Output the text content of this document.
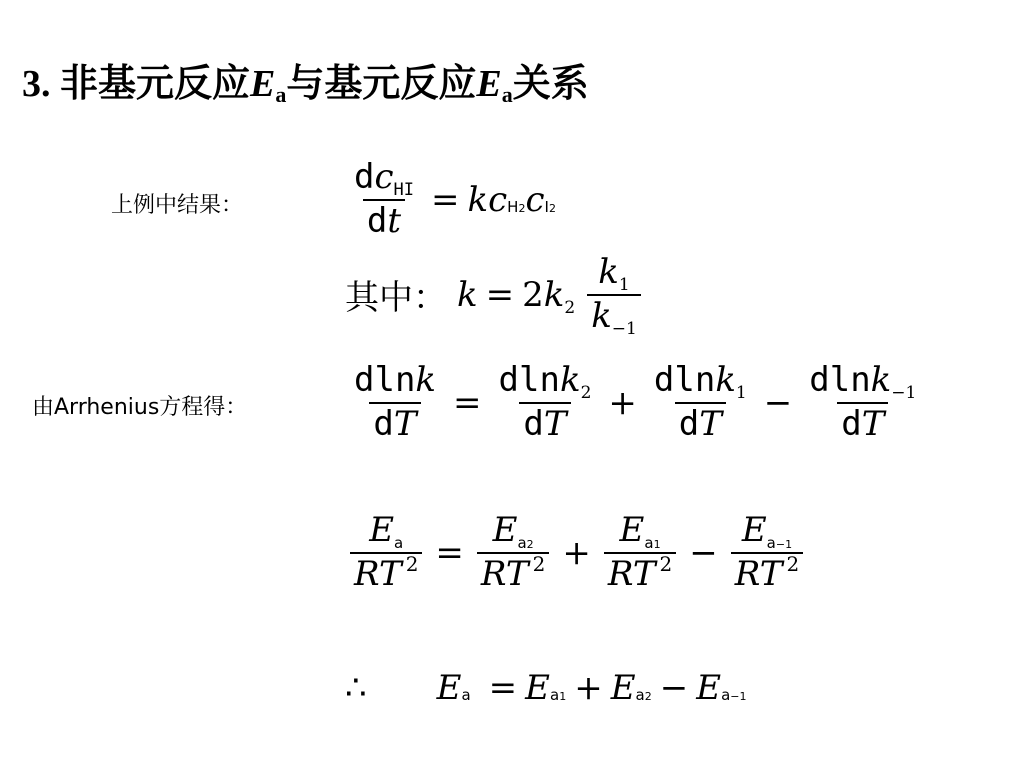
3. 非基元反应$E_a$与基元反应$E_a$关系
上例中结果：
由Arrhenius方程得：
$\frac{dc_{HI}}{dt} = k$ c H2 c I2
其中： $k = 2k_2 \frac{k_1}{k_{-1}}$
$\frac{dlnk}{dT} = \frac{dlnk_2}{dT} + \frac{dlnk_1}{dT} - \frac{dlnk_{-1}}{dT}$
$\frac{E_a}{RT ^2} = \frac{E_{a2}}{RT ^2} + \frac{E_{a1}}{RT ^2} - \frac{E_{a-1}}{RT ^2}$
∴ E a = E a1 + E a2 − E a−1
